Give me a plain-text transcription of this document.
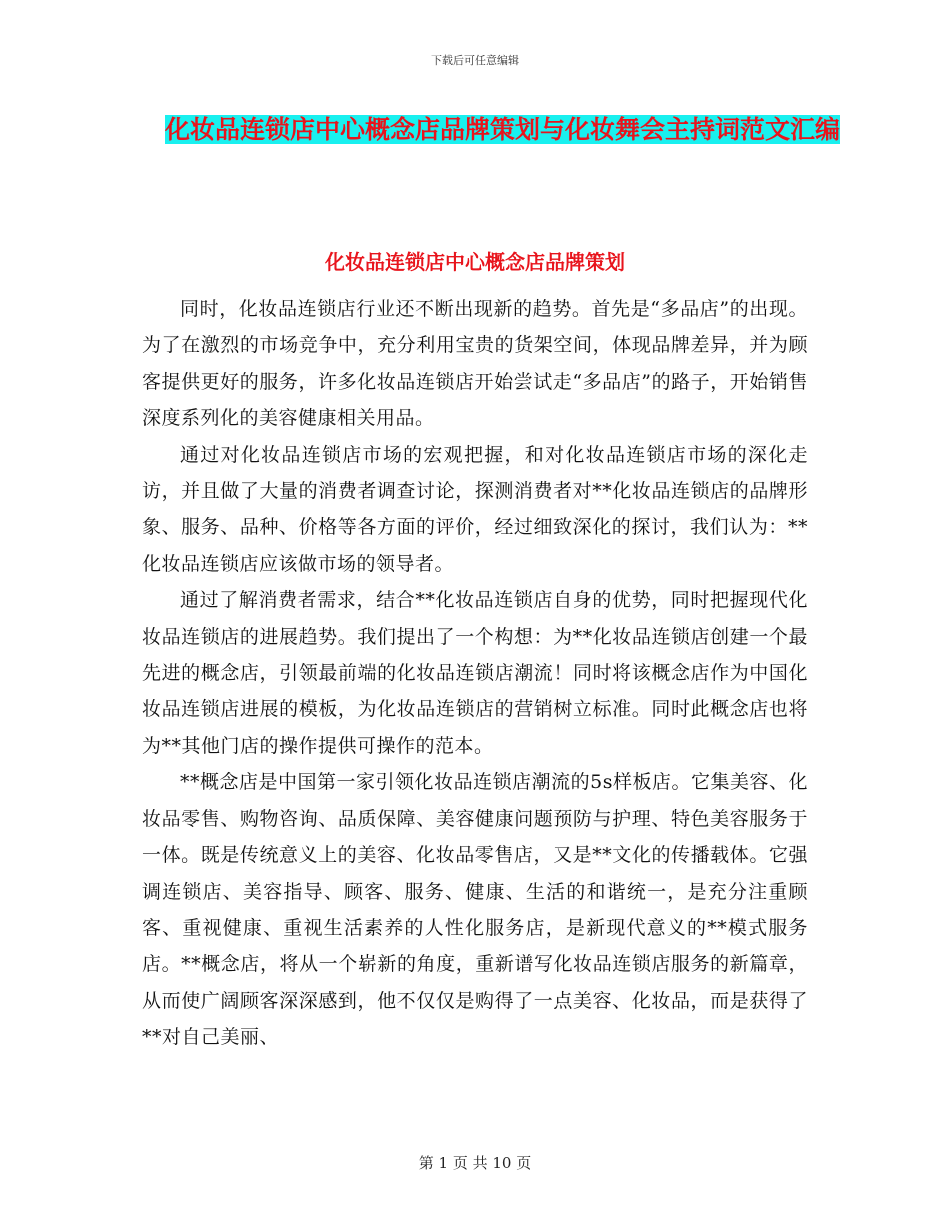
下载后可任意编辑
化妆品连锁店中心概念店品牌策划与化妆舞会主持词范文汇编
化妆品连锁店中心概念店品牌策划

同时，化妆品连锁店行业还不断出现新的趋势。首先是“多品店”的出现。为了在激烈的市场竞争中，充分利用宝贵的货架空间，体现品牌差异，并为顾客提供更好的服务，许多化妆品连锁店开始尝试走“多品店”的路子，开始销售深度系列化的美容健康相关用品。

通过对化妆品连锁店市场的宏观把握，和对化妆品连锁店市场的深化走访，并且做了大量的消费者调查讨论，探测消费者对**化妆品连锁店的品牌形象、服务、品种、价格等各方面的评价，经过细致深化的探讨，我们认为：**化妆品连锁店应该做市场的领导者。

通过了解消费者需求，结合**化妆品连锁店自身的优势，同时把握现代化妆品连锁店的进展趋势。我们提出了一个构想：为**化妆品连锁店创建一个最先进的概念店，引领最前端的化妆品连锁店潮流！同时将该概念店作为中国化妆品连锁店进展的模板，为化妆品连锁店的营销树立标准。同时此概念店也将为**其他门店的操作提供可操作的范本。

**概念店是中国第一家引领化妆品连锁店潮流的5s样板店。它集美容、化妆品零售、购物咨询、品质保障、美容健康问题预防与护理、特色美容服务于一体。既是传统意义上的美容、化妆品零售店，又是**文化的传播载体。它强调连锁店、美容指导、顾客、服务、健康、生活的和谐统一，是充分注重顾客、重视健康、重视生活素养的人性化服务店，是新现代意义的**模式服务店。**概念店，将从一个崭新的角度，重新谱写化妆品连锁店服务的新篇章，从而使广阔顾客深深感到，他不仅仅是购得了一点美容、化妆品，而是获得了**对自己美丽、

第 1 页 共 10 页
